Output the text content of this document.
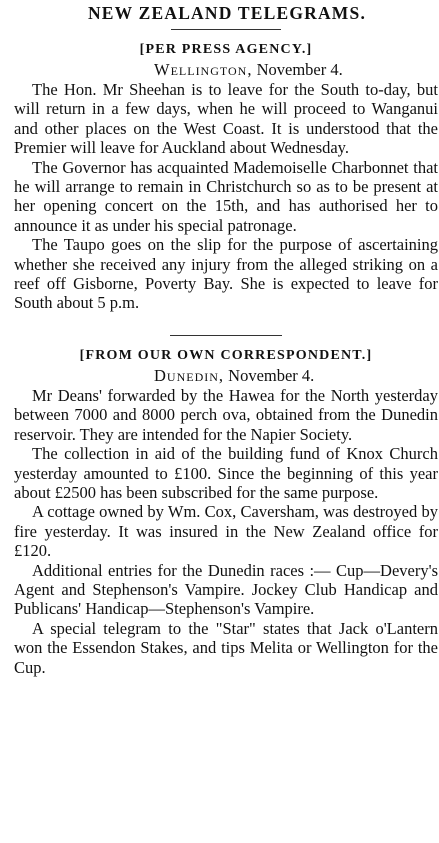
NEW ZEALAND TELEGRAMS.
[PER PRESS AGENCY.]
Wellington, November 4.

The Hon. Mr Sheehan is to leave for the South to-day, but will return in a few days, when he will proceed to Wanganui and other places on the West Coast. It is understood that the Premier will leave for Auckland about Wednesday.

The Governor has acquainted Mademoiselle Charbonnet that he will arrange to remain in Christchurch so as to be present at her opening concert on the 15th, and has authorised her to announce it as under his special patronage.

The Taupo goes on the slip for the purpose of ascertaining whether she received any injury from the alleged striking on a reef off Gisborne, Poverty Bay. She is expected to leave for South about 5 p.m.

[FROM OUR OWN CORRESPONDENT.]
Dunedin, November 4.

Mr Deans' forwarded by the Hawea for the North yesterday between 7000 and 8000 perch ova, obtained from the Dunedin reservoir. They are intended for the Napier Society.

The collection in aid of the building fund of Knox Church yesterday amounted to £100. Since the beginning of this year about £2500 has been subscribed for the same purpose.

A cottage owned by Wm. Cox, Caversham, was destroyed by fire yesterday. It was insured in the New Zealand office for £120.

Additional entries for the Dunedin races :— Cup—Devery's Agent and Stephenson's Vampire. Jockey Club Handicap and Publicans' Handicap—Stephenson's Vampire.

A special telegram to the "Star" states that Jack o'Lantern won the Essendon Stakes, and tips Melita or Wellington for the Cup.
